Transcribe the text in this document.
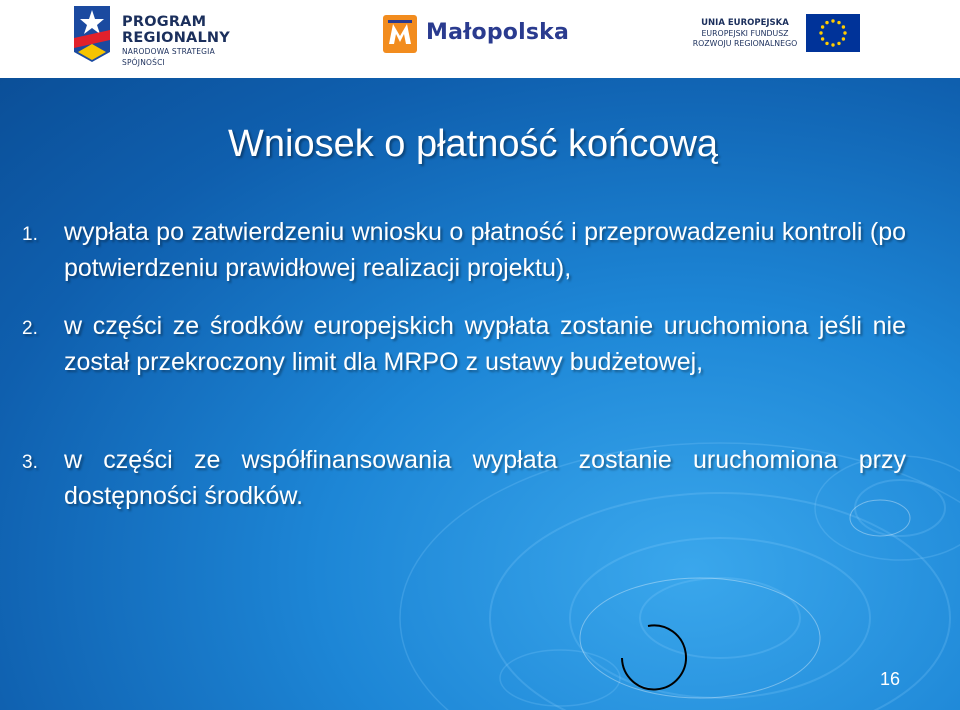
PROGRAM
REGIONALNY
NARODOWA STRATEGIA SPÓJNOŚCI
Małopolska	UNIA EUROPEJSKA
EUROPEJSKI FUNDUSZ
ROZWOJU REGIONALNEGO
Wniosek o płatność końcową
1. wypłata po zatwierdzeniu wniosku o płatność i przeprowadzeniu kontroli (po potwierdzeniu prawidłowej realizacji projektu),
2. w części ze środków europejskich wypłata zostanie uruchomiona jeśli nie został przekroczony limit dla MRPO z ustawy budżetowej,
3. w części ze współfinansowania wypłata zostanie uruchomiona przy dostępności środków.
16
